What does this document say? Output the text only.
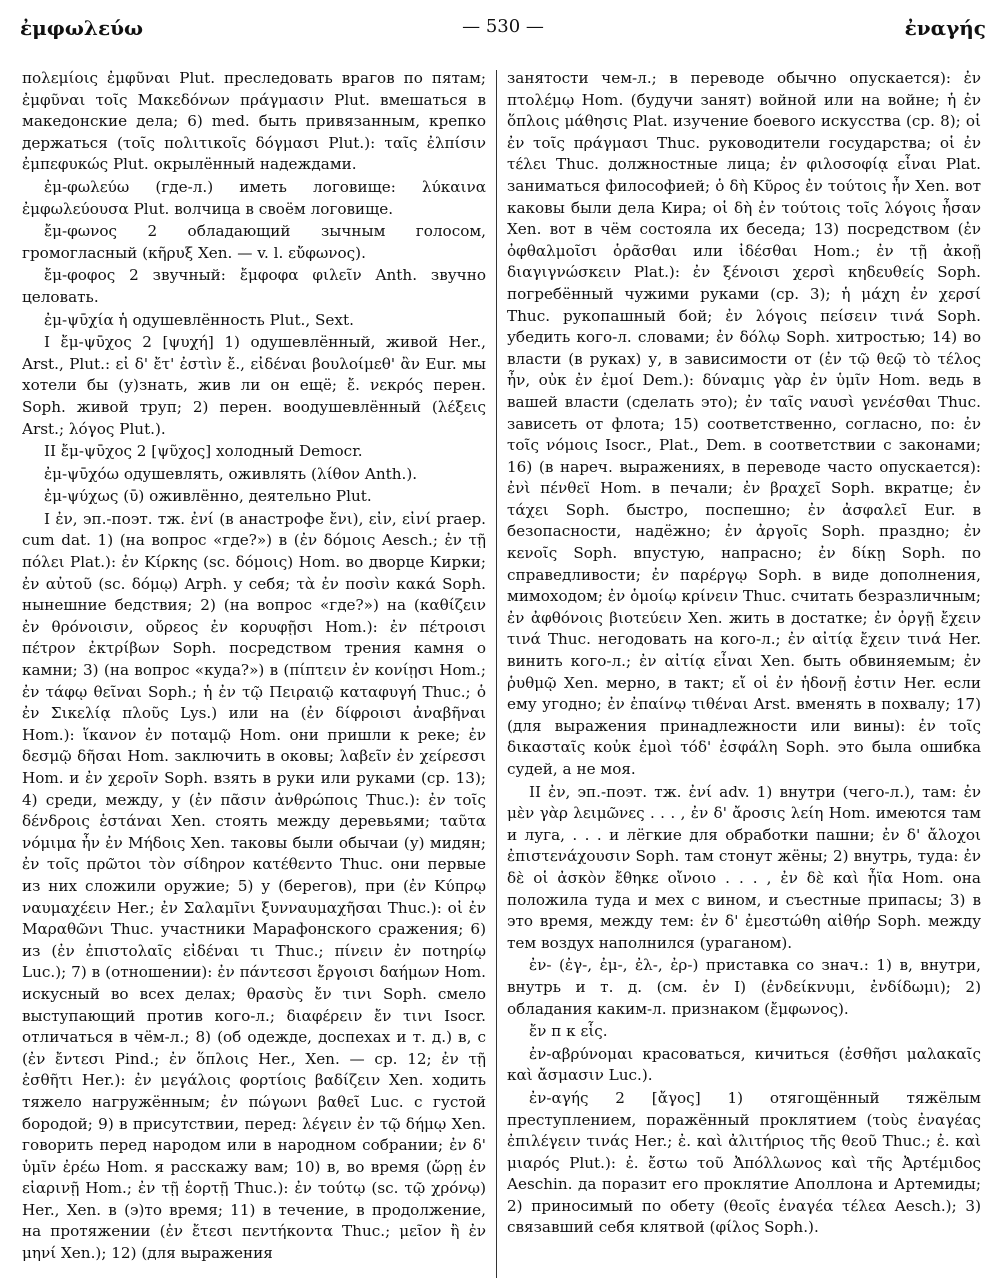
ἐμφωλεύω	— 530 —	ἐναγής

πολεμίοις ἐμφῦναι Plut. преследовать врагов по пятам; ἐμφῦναι τοῖς Μακεδόνων πράγμασιν Plut. вмешаться в македонские дела; 6) med. быть привязанным, крепко держаться (τοῖς πολιτικοῖς δόγμασι Plut.): ταῖς ἐλπίσιν ἐμπεφυκώς Plut. окрылённый надеждами.

ἐμ-φωλεύω (где-л.) иметь логовище: λύκαινα ἐμφωλεύουσα Plut. волчица в своём логовище.

ἔμ-φωνος 2 обладающий зычным голосом, громогласный (κῆρυξ Xen. — v. l. εὔφωνος).

ἔμ-φοφος 2 звучный: ἔμφοφα φιλεῖν Anth. звучно целовать.

ἐμ-ψῡχία ἡ одушевлённость Plut., Sext.

I ἔμ-ψῡχος 2 [ψυχή] 1) одушевлённый, живой Her., Arst., Plut.: εἰ δ' ἔτ' ἐστὶν ἔ., εἰδέναι βουλοίμεθ' ἂν Eur. мы хотели бы (у)знать, жив ли он ещё; ἔ. νεκρός перен. Soph. живой труп; 2) перен. воодушевлённый (λέξεις Arst.; λόγος Plut.).

II ἔμ-ψῡχος 2 [ψῦχος] холодный Democr.

ἐμ-ψῡχόω одушевлять, оживлять (λίθον Anth.).

ἐμ-ψύχως (ῡ) оживлённо, деятельно Plut.

I ἐν, эп.-поэт. тж. ἐνί (в анастрофе ἔνι), εἰν, εἰνί praep. cum dat. 1) (на вопрос «где?») в (ἐν δόμοις Aesch.; ἐν τῇ πόλει Plat.): ἐν Κίρκης (sc. δόμοις) Hom. во дворце Кирки; ἐν αὐτοῦ (sc. δόμῳ) Arph. у себя; τὰ ἐν ποσὶν κακά Soph. нынешние бедствия; 2) (на вопрос «где?») на (καθίζειν ἐν θρόνοισιν, οὔρεος ἐν κορυφῇσι Hom.): ἐν πέτροισι πέτρον ἐκτρίβων Soph. посредством трения камня о камни; 3) (на вопрос «куда?») в (πίπτειν ἐν κονίῃσι Hom.; ἐν τάφῳ θεῖναι Soph.; ἡ ἐν τῷ Πειραιῷ καταφυγή Thuc.; ὁ ἐν Σικελίᾳ πλοῦς Lys.) или на (ἐν δίφροισι ἀναβῆναι Hom.): ἵκανον ἐν ποταμῷ Hom. они пришли к реке; ἐν δεσμῷ δῆσαι Hom. заключить в оковы; λαβεῖν ἐν χείρεσσι Hom. и ἐν χεροῖν Soph. взять в руки или руками (ср. 13); 4) среди, между, у (ἐν πᾶσιν ἀνθρώποις Thuc.): ἐν τοῖς δένδροις ἑστάναι Xen. стоять между деревьями; ταῦτα νόμιμα ἦν ἐν Μήδοις Xen. таковы были обычаи (у) мидян; ἐν τοῖς πρῶτοι τὸν σίδηρον κατέθεντο Thuc. они первые из них сложили оружие; 5) у (берегов), при (ἐν Κύπρῳ ναυμαχέειν Her.; ἐν Σαλαμῖνι ξυνναυμαχῆσαι Thuc.): οἱ ἐν Μαραθῶνι Thuc. участники Марафонского сражения; 6) из (ἐν ἐπιστολαῖς εἰδέναι τι Thuc.; πίνειν ἐν ποτηρίῳ Luc.); 7) в (отношении): ἐν πάντεσσι ἔργοισι δαήμων Hom. искусный во всех делах; θρασὺς ἔν τινι Soph. смело выступающий против кого-л.; διαφέρειν ἔν τινι Isocr. отличаться в чём-л.; 8) (об одежде, доспехах и т. д.) в, с (ἐν ἔντεσι Pind.; ἐν ὅπλοις Her., Xen. — ср. 12; ἐν τῇ ἐσθῆτι Her.): ἐν μεγάλοις φορτίοις βαδίζειν Xen. ходить тяжело нагружённым; ἐν πώγωνι βαθεῖ Luc. с густой бородой; 9) в присутствии, перед: λέγειν ἐν τῷ δήμῳ Xen. говорить перед народом или в народном собрании; ἐν δ' ὑμῖν ἐρέω Hom. я расскажу вам; 10) в, во время (ὥρῃ ἐν εἰαρινῇ Hom.; ἐν τῇ ἑορτῇ Thuc.): ἐν τούτῳ (sc. τῷ χρόνῳ) Her., Xen. в (э)то время; 11) в течение, в продолжение, на протяжении (ἐν ἔτεσι πεντήκοντα Thuc.; μεῖον ἢ ἐν μηνί Xen.); 12) (для выражения

занятости чем-л.; в переводе обычно опускается): ἐν πτολέμῳ Hom. (будучи занят) войной или на войне; ἡ ἐν ὅπλοις μάθησις Plat. изучение боевого искусства (ср. 8); οἱ ἐν τοῖς πράγμασι Thuc. руководители государства; οἱ ἐν τέλει Thuc. должностные лица; ἐν φιλοσοφίᾳ εἶναι Plat. заниматься философией; ὁ δὴ Κῦρος ἐν τούτοις ἦν Xen. вот каковы были дела Кира; οἱ δὴ ἐν τούτοις τοῖς λόγοις ἦσαν Xen. вот в чём состояла их беседа; 13) посредством (ἐν ὀφθαλμοῖσι ὁρᾶσθαι или ἰδέσθαι Hom.; ἐν τῇ ἀκοῇ διαγιγνώσκειν Plat.): ἐν ξένοισι χερσὶ κηδευθείς Soph. погребённый чужими руками (ср. 3); ἡ μάχη ἐν χερσί Thuc. рукопашный бой; ἐν λόγοις πείσειν τινά Soph. убедить кого-л. словами; ἐν δόλῳ Soph. хитростью; 14) во власти (в руках) у, в зависимости от (ἐν τῷ θεῷ τὸ τέλος ἦν, οὐκ ἐν ἐμοί Dem.): δύναμις γὰρ ἐν ὑμῖν Hom. ведь в вашей власти (сделать это); ἐν ταῖς ναυσὶ γενέσθαι Thuc. зависеть от флота; 15) соответственно, согласно, по: ἐν τοῖς νόμοις Isocr., Plat., Dem. в соответствии с законами; 16) (в нареч. выражениях, в переводе часто опускается): ἐνὶ πένθεϊ Hom. в печали; ἐν βραχεῖ Soph. вкратце; ἐν τάχει Soph. быстро, поспешно; ἐν ἀσφαλεῖ Eur. в безопасности, надёжно; ἐν ἀργοῖς Soph. праздно; ἐν κενοῖς Soph. впустую, напрасно; ἐν δίκῃ Soph. по справедливости; ἐν παρέργῳ Soph. в виде дополнения, мимоходом; ἐν ὁμοίῳ κρίνειν Thuc. считать безразличным; ἐν ἀφθόνοις βιοτεύειν Xen. жить в достатке; ἐν ὀργῇ ἔχειν τινά Thuc. негодовать на кого-л.; ἐν αἰτίᾳ ἔχειν τινά Her. винить кого-л.; ἐν αἰτίᾳ εἶναι Xen. быть обвиняемым; ἐν ῥυθμῷ Xen. мерно, в такт; εἴ οἱ ἐν ἡδονῇ ἐστιν Her. если ему угодно; ἐν ἐπαίνῳ τιθέναι Arst. вменять в похвалу; 17) (для выражения принадлежности или вины): ἐν τοῖς δικασταῖς κοὐκ ἐμοὶ τόδ' ἐσφάλη Soph. это была ошибка судей, а не моя.

II ἐν, эп.-поэт. тж. ἐνί adv. 1) внутри (чего-л.), там: ἐν μὲν γὰρ λειμῶνες . . . , ἐν δ' ἄροσις λείη Hom. имеются там и луга, . . . и лёгкие для обработки пашни; ἐν δ' ἄλοχοι ἐπιστενάχουσιν Soph. там стонут жёны; 2) внутрь, туда: ἐν δὲ οἱ ἀσκὸν ἔθηκε οἴνοιο . . . , ἐν δὲ καὶ ἦϊα Hom. она положила туда и мех с вином, и съестные припасы; 3) в это время, между тем: ἐν δ' ἐμεστώθη αἰθήρ Soph. между тем воздух наполнился (ураганом).

ἐν- (ἐγ-, ἐμ-, ἐλ-, ἐρ-) приставка со знач.: 1) в, внутри, внутрь и т. д. (см. ἐν I) (ἐνδείκνυμι, ἐνδίδωμι); 2) обладания каким-л. признаком (ἔμφωνος).

ἔν п к εἷς.

ἐν-αβρύνομαι красоваться, кичиться (ἐσθῆσι μαλακαῖς καὶ ἄσμασιν Luc.).

ἐν-αγής 2 [ἄγος] 1) отягощённый тяжёлым преступлением, поражённый проклятием (τοὺς ἐναγέας ἐπιλέγειν τινάς Her.; ἐ. καὶ ἀλιτήριος τῆς θεοῦ Thuc.; ἐ. καὶ μιαρός Plut.): ἐ. ἔστω τοῦ Ἀπόλλωνος καὶ τῆς Ἀρτέμιδος Aeschin. да поразит его проклятие Аполлона и Артемиды; 2) приносимый по обету (θεοῖς ἐναγέα τέλεα Aesch.); 3) связавший себя клятвой (φίλος Soph.).
